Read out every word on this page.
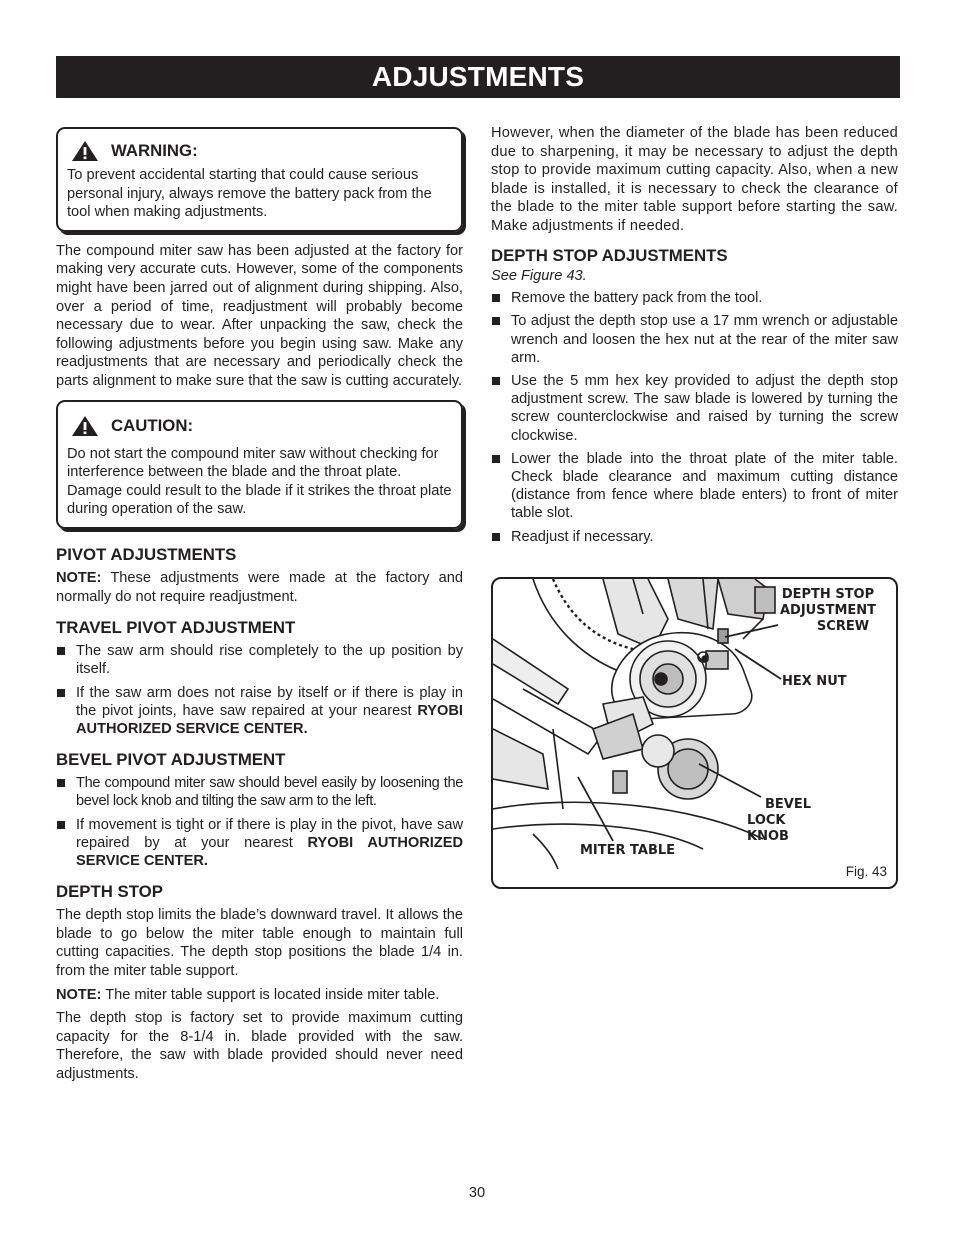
ADJUSTMENTS
WARNING:

To prevent accidental starting that could cause serious personal injury, always remove the battery pack from the tool when making adjustments.

The compound miter saw has been adjusted at the factory for making very accurate cuts. However, some of the components might have been jarred out of alignment during shipping. Also, over a period of time, readjustment will probably become necessary due to wear. After unpacking the saw, check the following adjustments before you begin using saw. Make any readjustments that are necessary and periodically check the parts alignment to make sure that the saw is cutting accurately.

CAUTION:

Do not start the compound miter saw without checking for interference between the blade and the throat plate. Damage could result to the blade if it strikes the throat plate during operation of the saw.

PIVOT ADJUSTMENTS

NOTE: These adjustments were made at the factory and normally do not require readjustment.

TRAVEL PIVOT ADJUSTMENT
The saw arm should rise completely to the up position by itself.
If the saw arm does not raise by itself or if there is play in the pivot joints, have saw repaired at your nearest RYOBI AUTHORIZED SERVICE CENTER.
BEVEL PIVOT ADJUSTMENT
The compound miter saw should bevel easily by loosening the bevel lock knob and tilting the saw arm to the left.
If movement is tight or if there is play in the pivot, have saw repaired by at your nearest RYOBI AUTHORIZED SERVICE CENTER.
DEPTH STOP

The depth stop limits the blade’s downward travel. It allows the blade to go below the miter table enough to maintain full cutting capacities. The depth stop positions the blade 1/4 in. from the miter table support.

NOTE: The miter table support is located inside miter table.

The depth stop is factory set to provide maximum cutting capacity for the 8-1/4 in. blade provided with the saw. Therefore, the saw with blade provided should never need adjustments.

However, when the diameter of the blade has been reduced due to sharpening, it may be necessary to adjust the depth stop to provide maximum cutting capacity. Also, when a new blade is installed, it is necessary to check the clearance of the blade to the miter table support before starting the saw. Make adjustments if needed.

DEPTH STOP ADJUSTMENTS

See Figure 43.

Remove the battery pack from the tool.
To adjust the depth stop use a 17 mm wrench or adjustable wrench and loosen the hex nut at the rear of the miter saw arm.
Use the 5 mm hex key provided to adjust the depth stop adjustment screw. The saw blade is lowered by turning the screw counterclockwise and raised by turning the screw clockwise.
Lower the blade into the throat plate of the miter table. Check blade clearance and maximum cutting distance (distance from fence where blade enters) to front of miter table slot.
Readjust if necessary.
DEPTH STOP
ADJUSTMENT
SCREW
HEX NUT
BEVEL
LOCK KNOB
MITER TABLE
Fig. 43
30
